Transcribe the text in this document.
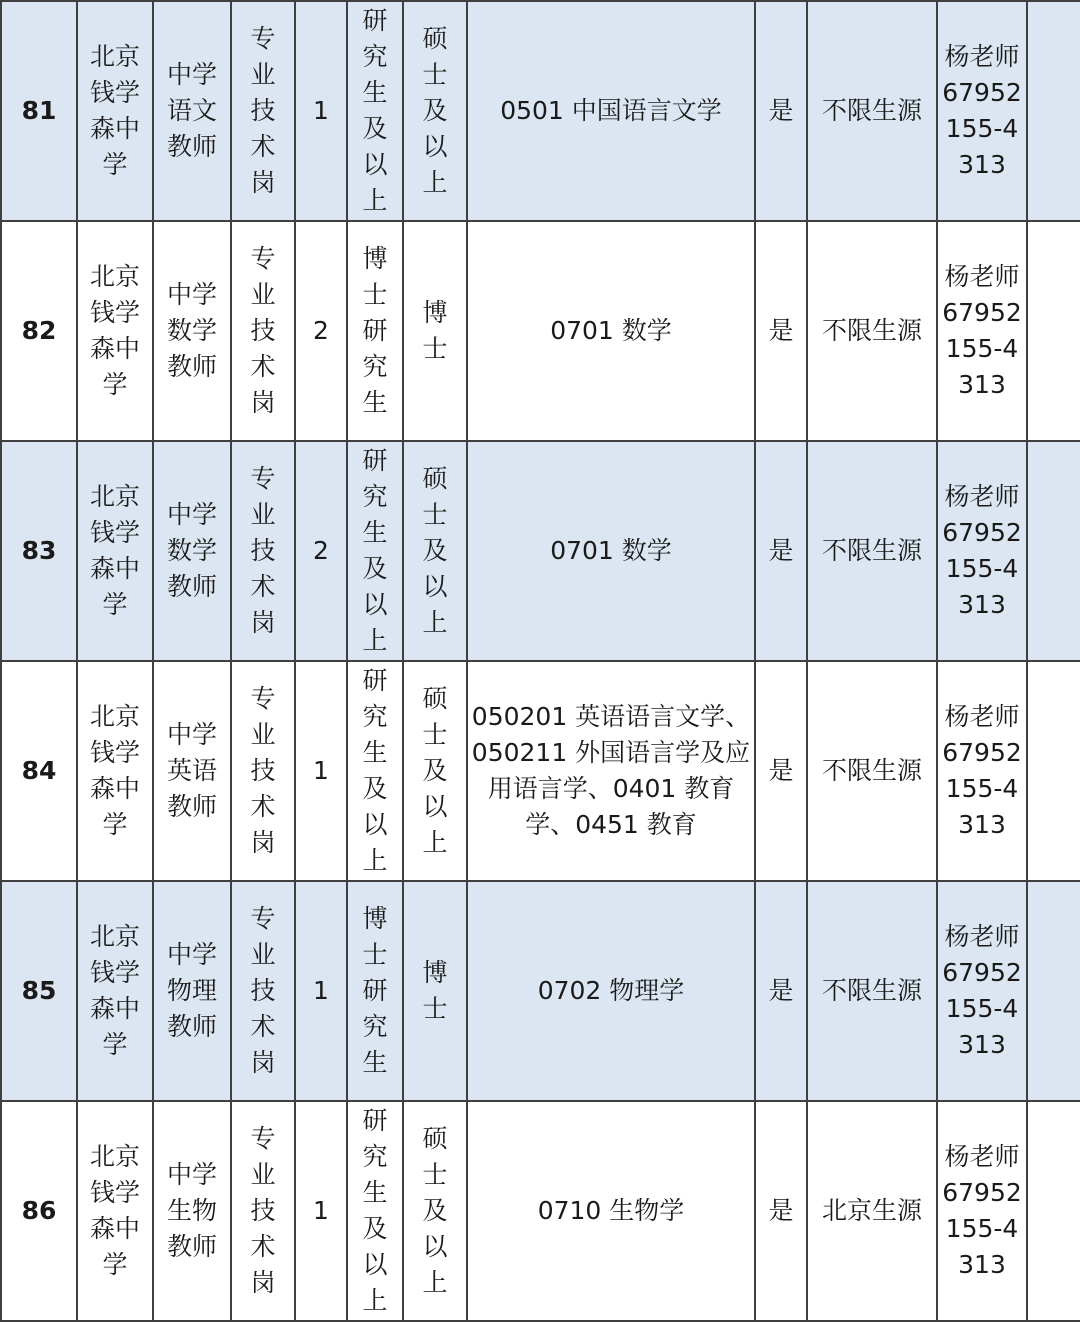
81	北京钱学森中学	中学语文教师	专业技术岗	1	研究生及以上	硕士及以上	0501 中国语言文学	是	不限生源	杨老师67952155-4313	
82	北京钱学森中学	中学数学教师	专业技术岗	2	博士研究生	博士	0701 数学	是	不限生源	杨老师67952155-4313	
83	北京钱学森中学	中学数学教师	专业技术岗	2	研究生及以上	硕士及以上	0701 数学	是	不限生源	杨老师67952155-4313	
84	北京钱学森中学	中学英语教师	专业技术岗	1	研究生及以上	硕士及以上	050201 英语语言文学、050211 外国语言学及应用语言学、0401 教育学、0451 教育	是	不限生源	杨老师67952155-4313	
85	北京钱学森中学	中学物理教师	专业技术岗	1	博士研究生	博士	0702 物理学	是	不限生源	杨老师67952155-4313	
86	北京钱学森中学	中学生物教师	专业技术岗	1	研究生及以上	硕士及以上	0710 生物学	是	北京生源	杨老师67952155-4313	
